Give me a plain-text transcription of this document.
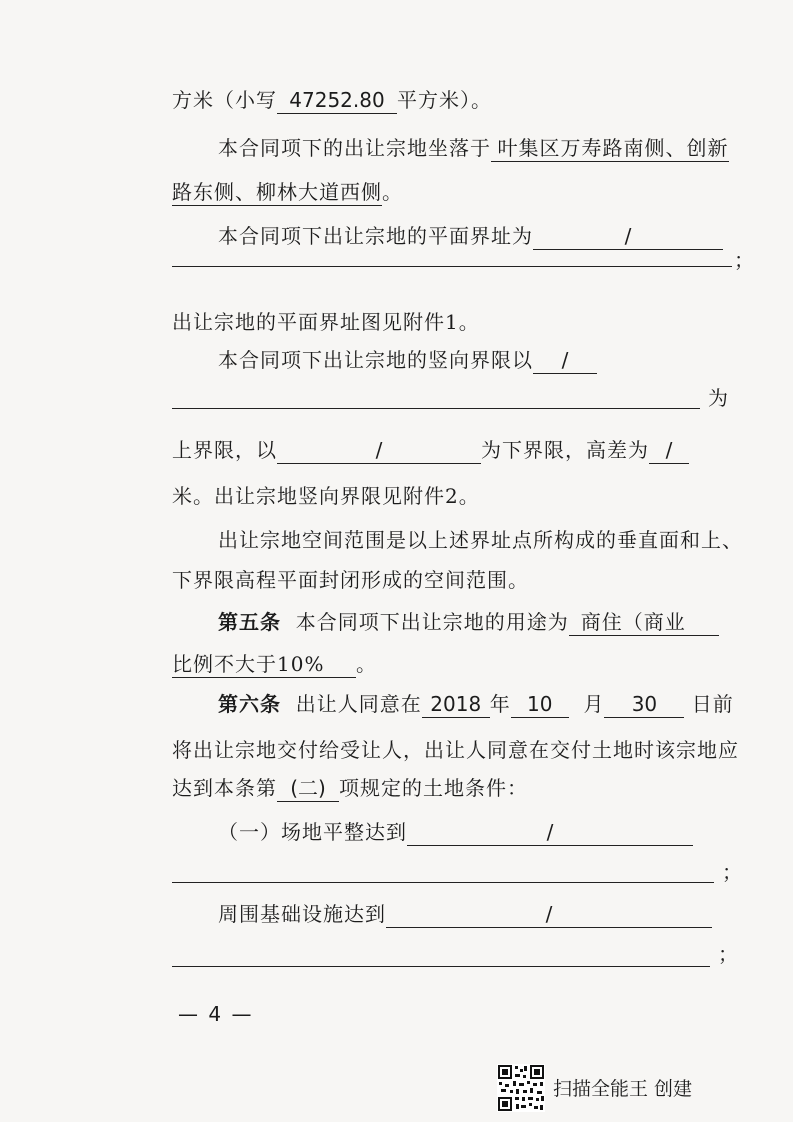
方米（小写 47252.80 平方米）。
本合同项下的出让宗地坐落于 叶集区万寿路南侧、创新
路东侧、柳林大道西侧。
本合同项下出让宗地的平面界址为	/
；
出让宗地的平面界址图见附件1。
本合同项下出让宗地的竖向界限以 /
为
上界限，以	/	为下界限，高差为 /
米。出让宗地竖向界限见附件2。
出让宗地空间范围是以上述界址点所构成的垂直面和上、
下界限高程平面封闭形成的空间范围。
第五条 本合同项下出让宗地的用途为 商住（商业
比例不大于10% 。
第六条 出让人同意在 2018 年 10 月 30 日前
将出让宗地交付给受让人，出让人同意在交付土地时该宗地应
达到本条第 (二) 项规定的土地条件：
（一）场地平整达到	/
；
周围基础设施达到	/
；
— 4 —
扫描全能王 创建
